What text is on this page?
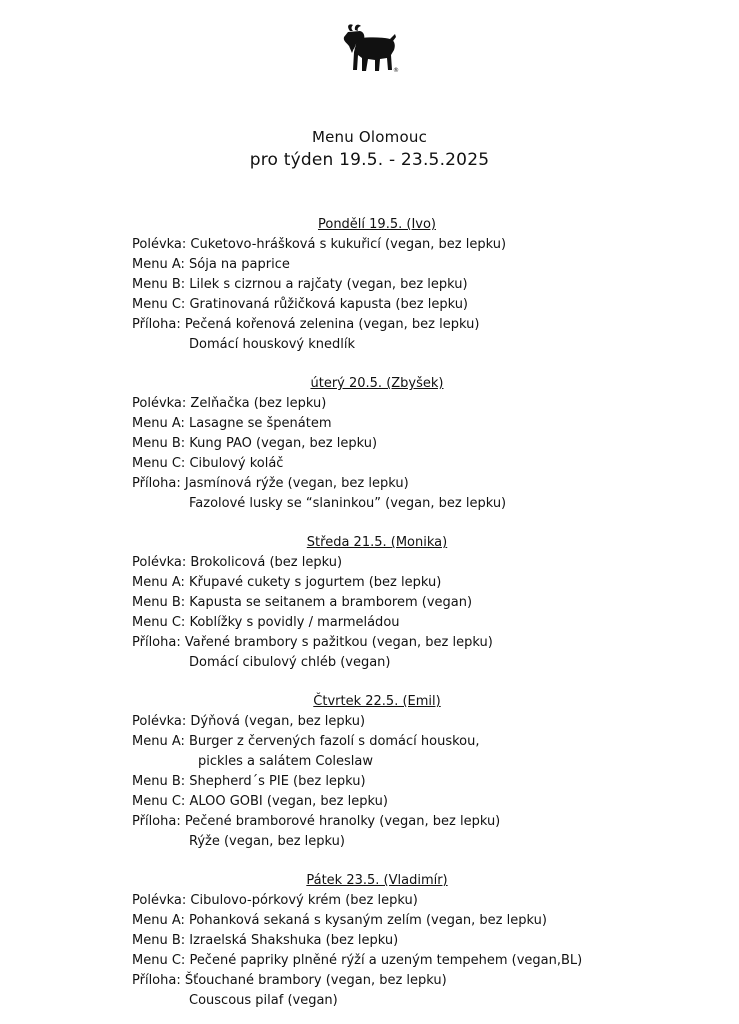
®
Menu Olomouc
pro týden 19.5. - 23.5.2025
Pondělí 19.5. (Ivo)
Polévka: Cuketovo-hrášková s kukuřicí (vegan, bez lepku)
Menu A: Sója na paprice
Menu B: Lilek s cizrnou a rajčaty (vegan, bez lepku)
Menu C: Gratinovaná růžičková kapusta (bez lepku)
Příloha: Pečená kořenová zelenina (vegan, bez lepku)
Domácí houskový knedlík
úterý 20.5. (Zbyšek)
Polévka: Zelňačka (bez lepku)
Menu A: Lasagne se špenátem
Menu B: Kung PAO (vegan, bez lepku)
Menu C: Cibulový koláč
Příloha: Jasmínová rýže (vegan, bez lepku)
Fazolové lusky se “slaninkou” (vegan, bez lepku)
Středa 21.5. (Monika)
Polévka: Brokolicová (bez lepku)
Menu A: Křupavé cukety s jogurtem (bez lepku)
Menu B: Kapusta se seitanem a bramborem (vegan)
Menu C: Koblížky s povidly / marmeládou
Příloha: Vařené brambory s pažitkou (vegan, bez lepku)
Domácí cibulový chléb (vegan)
Čtvrtek 22.5. (Emil)
Polévka: Dýňová (vegan, bez lepku)
Menu A: Burger z červených fazolí s domácí houskou,
pickles a salátem Coleslaw
Menu B: Shepherd´s PIE (bez lepku)
Menu C: ALOO GOBI (vegan, bez lepku)
Příloha: Pečené bramborové hranolky (vegan, bez lepku)
Rýže (vegan, bez lepku)
Pátek 23.5. (Vladimír)
Polévka: Cibulovo-pórkový krém (bez lepku)
Menu A: Pohanková sekaná s kysaným zelím (vegan, bez lepku)
Menu B: Izraelská Shakshuka (bez lepku)
Menu C: Pečené papriky plněné rýží a uzeným tempehem (vegan,BL)
Příloha: Šťouchané brambory (vegan, bez lepku)
Couscous pilaf (vegan)
